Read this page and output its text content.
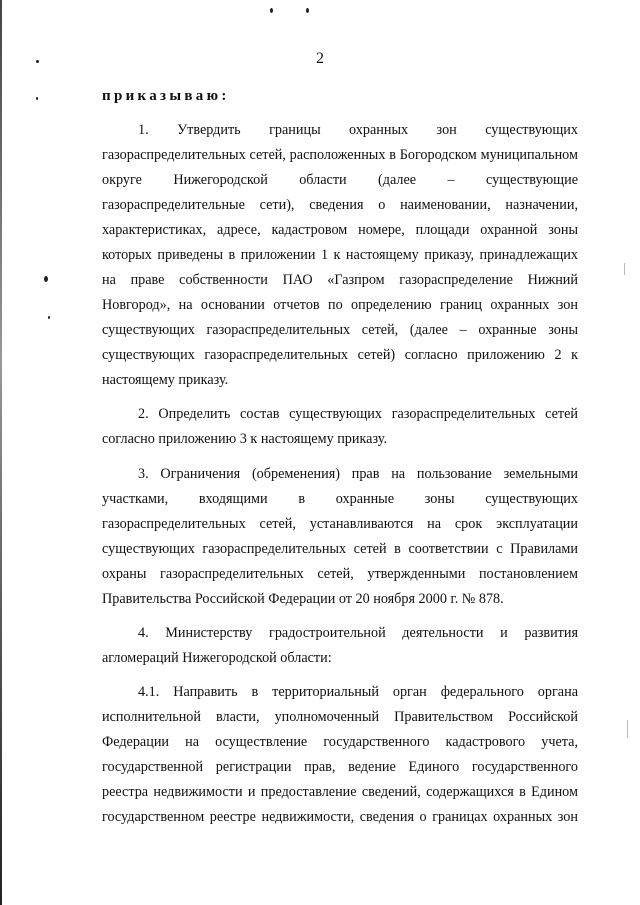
2
приказываю:
1. Утвердить границы охранных зон существующих
газораспределительных сетей, расположенных в Богородском муниципальном
округе Нижегородской области (далее – существующие
газораспределительные сети), сведения о наименовании, назначении,
характеристиках, адресе, кадастровом номере, площади охранной зоны
которых приведены в приложении 1 к настоящему приказу, принадлежащих
на праве собственности ПАО «Газпром газораспределение Нижний
Новгород», на основании отчетов по определению границ охранных зон
существующих газораспределительных сетей, (далее – охранные зоны
существующих газораспределительных сетей) согласно приложению 2 к
настоящему приказу.
2. Определить состав существующих газораспределительных сетей
согласно приложению 3 к настоящему приказу.
3. Ограничения (обременения) прав на пользование земельными
участками, входящими в охранные зоны существующих
газораспределительных сетей, устанавливаются на срок эксплуатации
существующих газораспределительных сетей в соответствии с Правилами
охраны газораспределительных сетей, утвержденными постановлением
Правительства Российской Федерации от 20 ноября 2000 г. № 878.
4. Министерству градостроительной деятельности и развития
агломераций Нижегородской области:
4.1. Направить в территориальный орган федерального органа
исполнительной власти, уполномоченный Правительством Российской
Федерации на осуществление государственного кадастрового учета,
государственной регистрации прав, ведение Единого государственного
реестра недвижимости и предоставление сведений, содержащихся в Едином
государственном реестре недвижимости, сведения о границах охранных зон
